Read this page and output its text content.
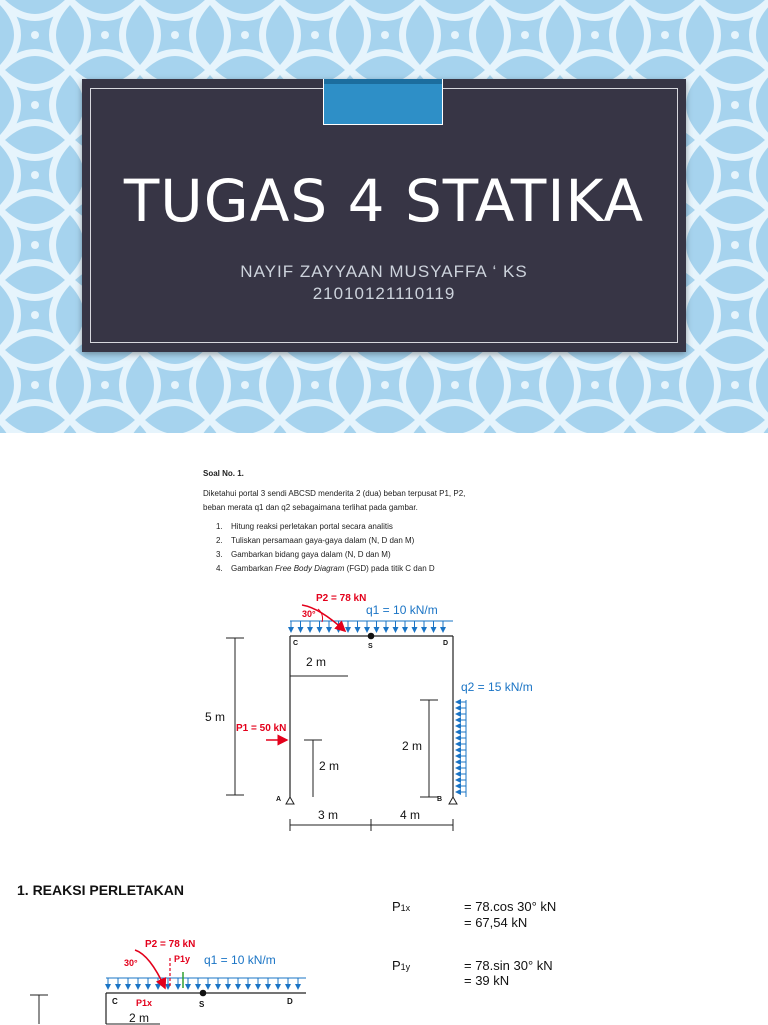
TUGAS 4 STATIKA
NAYIF ZAYYAAN MUSYAFFA ‘ KS
21010121110119
Soal No. 1.
Diketahui portal 3 sendi ABCSD menderita 2 (dua) beban terpusat P1, P2,
beban merata q1 dan q2 sebagaimana terlihat pada gambar.
1. Hitung reaksi perletakan portal secara analitis
2. Tuliskan persamaan gaya-gaya dalam (N, D dan M)
3. Gambarkan bidang gaya dalam (N, D dan M)
4. Gambarkan Free Body Diagram (FGD) pada titik C dan D
P2 = 78 kN
30°	q1 = 10 kN/m
q2 = 15 kN/m
P1 = 50 kN
C	S	D
A	B
2 m
5 m
2 m
2 m
3 m	4 m
1. REAKSI PERLETAKAN
P1x	= 78.cos 30° kN
= 67,54 kN
P1y	= 78.sin 30° kN
= 39 kN
P2 = 78 kN
30°	P1y q1 = 10 kN/m
P1x
C	S	D
2 m
